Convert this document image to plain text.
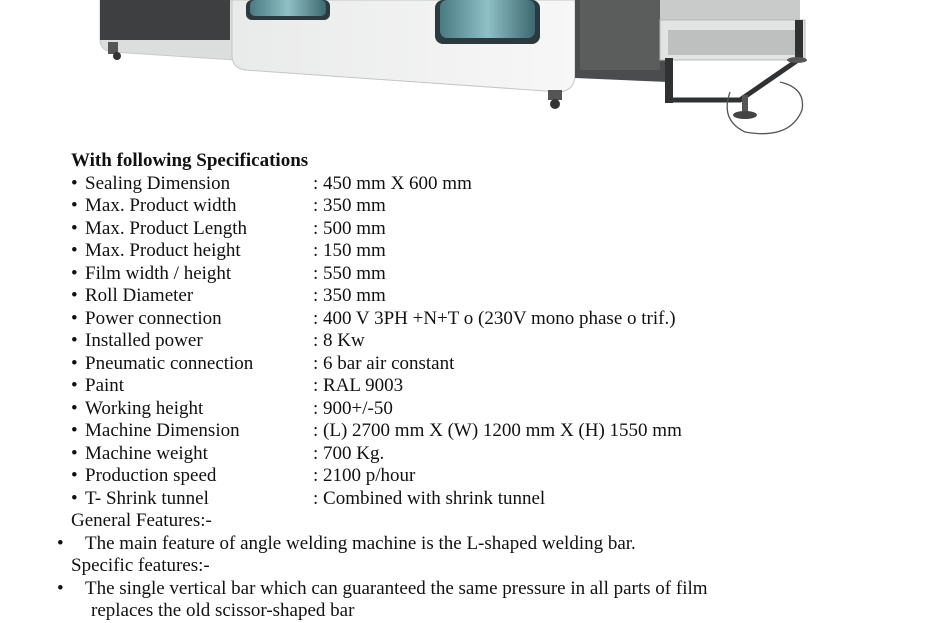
With following Specifications
• Sealing Dimension	: 450 mm X 600 mm
• Max. Product width	: 350 mm
• Max. Product Length	: 500 mm
• Max. Product height	: 150 mm
• Film width / height	: 550 mm
• Roll Diameter	: 350 mm
• Power connection	: 400 V 3PH +N+T o (230V mono phase o trif.)
• Installed power	: 8 Kw
• Pneumatic connection	: 6 bar air constant
• Paint	: RAL 9003
• Working height	: 900+/-50
• Machine Dimension	: (L) 2700 mm X (W) 1200 mm X (H) 1550 mm
• Machine weight	: 700 Kg.
• Production speed	: 2100 p/hour
• T- Shrink tunnel	: Combined with shrink tunnel
General Features:-
• The main feature of angle welding machine is the L-shaped welding bar.
Specific features:-
• The single vertical bar which can guaranteed the same pressure in all parts of film
replaces the old scissor-shaped bar
